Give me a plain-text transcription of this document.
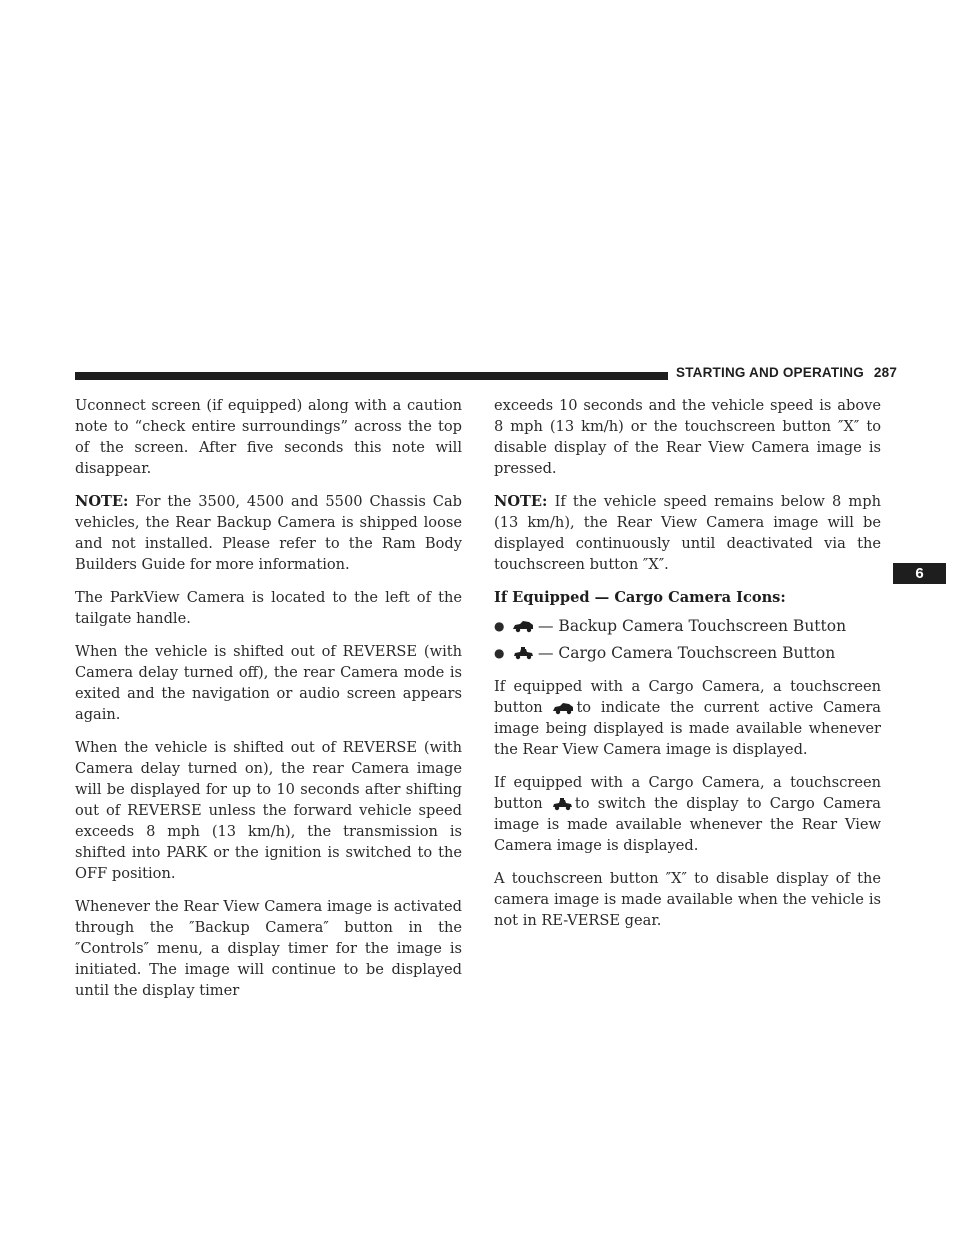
STARTING AND OPERATING 287
6

Uconnect screen (if equipped) along with a caution note to “check entire surroundings” across the top of the screen. After five seconds this note will disappear.

NOTE: For the 3500, 4500 and 5500 Chassis Cab vehicles, the Rear Backup Camera is shipped loose and not installed. Please refer to the Ram Body Builders Guide for more information.

The ParkView Camera is located to the left of the tailgate handle.

When the vehicle is shifted out of REVERSE (with Camera delay turned off), the rear Camera mode is exited and the navigation or audio screen appears again.

When the vehicle is shifted out of REVERSE (with Camera delay turned on), the rear Camera image will be displayed for up to 10 seconds after shifting out of REVERSE unless the forward vehicle speed exceeds 8 mph (13 km/h), the transmission is shifted into PARK or the ignition is switched to the OFF position.

Whenever the Rear View Camera image is activated through the ″Backup Camera″ button in the ″Controls″ menu, a display timer for the image is initiated. The image will continue to be displayed until the display timer

exceeds 10 seconds and the vehicle speed is above 8 mph (13 km/h) or the touchscreen button ″X″ to disable display of the Rear View Camera image is pressed.

NOTE: If the vehicle speed remains below 8 mph (13 km/h), the Rear View Camera image will be displayed continuously until deactivated via the touchscreen button ″X″.

If Equipped — Cargo Camera Icons:
●	— Backup Camera Touchscreen Button
●	— Cargo Camera Touchscreen Button

If equipped with a Cargo Camera, a touchscreen button to indicate the current active Camera image being displayed is made available whenever the Rear View Camera image is displayed.

If equipped with a Cargo Camera, a touchscreen button to switch the display to Cargo Camera image is made available whenever the Rear View Camera image is displayed.

A touchscreen button ″X″ to disable display of the camera image is made available when the vehicle is not in RE-VERSE gear.
